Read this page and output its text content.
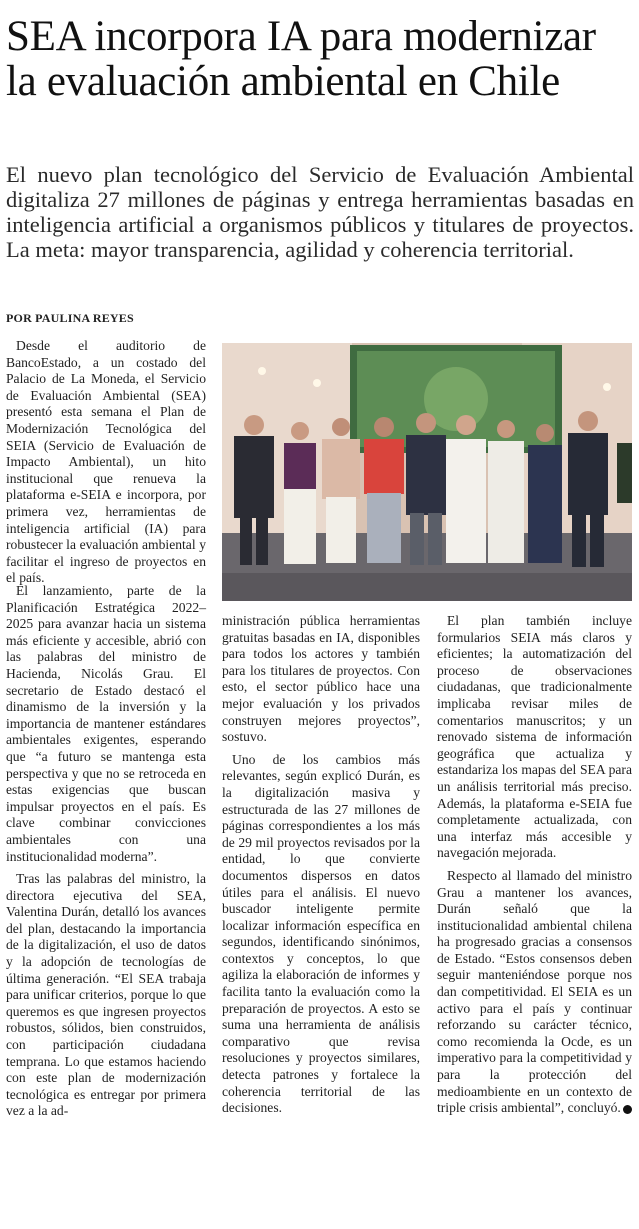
SEA incorpora IA para modernizar la evaluación ambiental en Chile

El nuevo plan tecnológico del Servicio de Evaluación Ambiental digitaliza 27 millones de páginas y entrega herramientas basadas en inteligencia artificial a organismos públicos y titulares de proyectos. La meta: mayor transparencia, agilidad y coherencia territorial.

POR PAULINA REYES

Desde el auditorio de BancoEstado, a un costado del Palacio de La Moneda, el Servicio de Evaluación Ambiental (SEA) presentó esta semana el Plan de Modernización Tecnológica del SEIA (Servicio de Evaluación de Impacto Ambiental), un hito institucional que renueva la plataforma e-SEIA e incorpora, por primera vez, herramientas de inteligencia artificial (IA) para robustecer la evaluación ambiental y facilitar el ingreso de proyectos en el país.

El lanzamiento, parte de la Planificación Estratégica 2022–2025 para avanzar hacia un sistema más eficiente y accesible, abrió con las palabras del ministro de Hacienda, Nicolás Grau. El secretario de Estado destacó el dinamismo de la inversión y la importancia de mantener estándares ambientales exigentes, esperando que “a futuro se mantenga esta perspectiva y que no se retroceda en estas exigencias que buscan impulsar proyectos en el país. Es clave combinar convicciones ambientales con una institucionalidad moderna”.

Tras las palabras del ministro, la directora ejecutiva del SEA, Valentina Durán, detalló los avances del plan, destacando la importancia de la digitalización, el uso de datos y la adopción de tecnologías de última generación. “El SEA trabaja para unificar criterios, porque lo que queremos es que ingresen proyectos robustos, sólidos, bien construidos, con participación ciudadana temprana. Lo que estamos haciendo con este plan de modernización tecnológica es entregar por primera vez a la ad-

ministración pública herramientas gratuitas basadas en IA, disponibles para todos los actores y también para los titulares de proyectos. Con esto, el sector público hace una mejor evaluación y los privados construyen mejores proyectos”, sostuvo.

Uno de los cambios más relevantes, según explicó Durán, es la digitalización masiva y estructurada de las 27 millones de páginas correspondientes a los más de 29 mil proyectos revisados por la entidad, lo que convierte documentos dispersos en datos útiles para el análisis. El nuevo buscador inteligente permite localizar información específica en segundos, identificando sinónimos, contextos y conceptos, lo que agiliza la elaboración de informes y facilita tanto la evaluación como la preparación de proyectos. A esto se suma una herramienta de análisis comparativo que revisa resoluciones y proyectos similares, detecta patrones y fortalece la coherencia territorial de las decisiones.

El plan también incluye formularios SEIA más claros y eficientes; la automatización del proceso de observaciones ciudadanas, que tradicionalmente implicaba revisar miles de comentarios manuscritos; y un renovado sistema de información geográfica que actualiza y estandariza los mapas del SEA para un análisis territorial más preciso. Además, la plataforma e-SEIA fue completamente actualizada, con una interfaz más accesible y navegación mejorada.

Respecto al llamado del ministro Grau a mantener los avances, Durán señaló que la institucionalidad ambiental chilena ha progresado gracias a consensos de Estado. “Estos consensos deben seguir manteniéndose porque nos dan competitividad. El SEIA es un activo para el país y continuar reforzando su carácter técnico, como recomienda la Ocde, es un imperativo para la competitividad y para la protección del medioambiente en un contexto de triple crisis ambiental”, concluyó.
